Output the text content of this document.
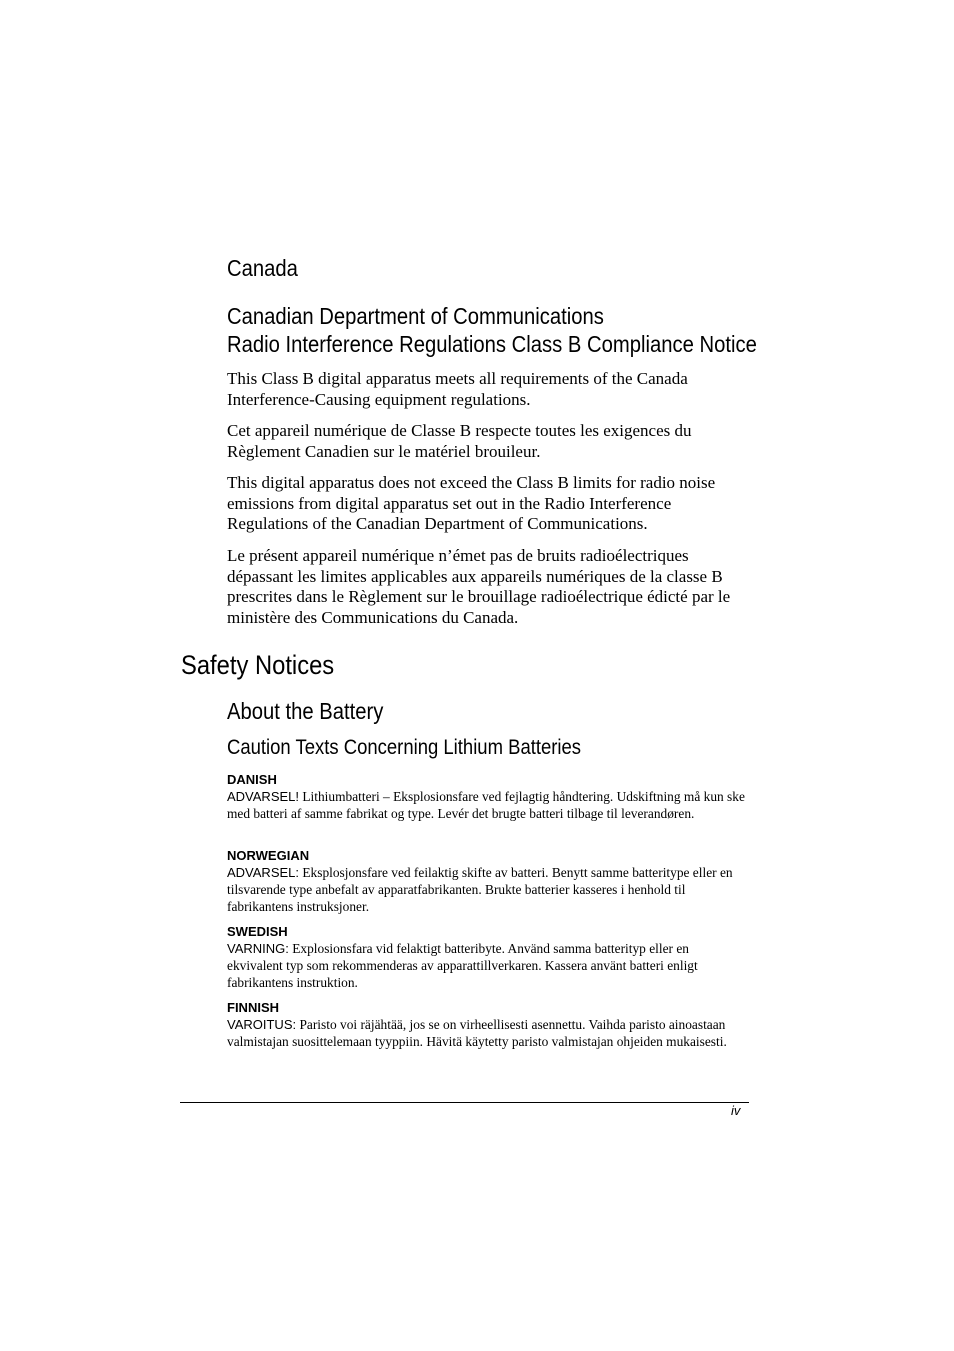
Canada
Canadian Department of Communications
Radio Interference Regulations Class B Compliance Notice
This Class B digital apparatus meets all requirements of the Canada Interference-Causing equipment regulations.
Cet appareil numérique de Classe B respecte toutes les exigences du Règlement Canadien sur le matériel brouileur.
This digital apparatus does not exceed the Class B limits for radio noise emissions from digital apparatus set out in the Radio Interference Regulations of the Canadian Department of Communications.
Le présent appareil numérique n’émet pas de bruits radioélectriques dépassant les limites applicables aux appareils numériques de la classe B prescrites dans le Règlement sur le brouillage radioélectrique édicté par le ministère des Communications du Canada.
Safety Notices
About the Battery
Caution Texts Concerning Lithium Batteries
DANISH
ADVARSEL! Lithiumbatteri – Eksplosionsfare ved fejlagtig håndtering. Udskiftning må kun ske med batteri af samme fabrikat og type. Levér det brugte batteri tilbage til leverandøren.
NORWEGIAN
ADVARSEL: Eksplosjonsfare ved feilaktig skifte av batteri. Benytt samme batteritype eller en tilsvarende type anbefalt av apparatfabrikanten. Brukte batterier kasseres i henhold til fabrikantens instruksjoner.
SWEDISH
VARNING: Explosionsfara vid felaktigt batteribyte. Använd samma batterityp eller en ekvivalent typ som rekommenderas av apparattillverkaren. Kassera använt batteri enligt fabrikantens instruktion.
FINNISH
VAROITUS: Paristo voi räjähtää, jos se on virheellisesti asennettu. Vaihda paristo ainoastaan valmistajan suosittelemaan tyyppiin. Hävitä käytetty paristo valmistajan ohjeiden mukaisesti.
iv
